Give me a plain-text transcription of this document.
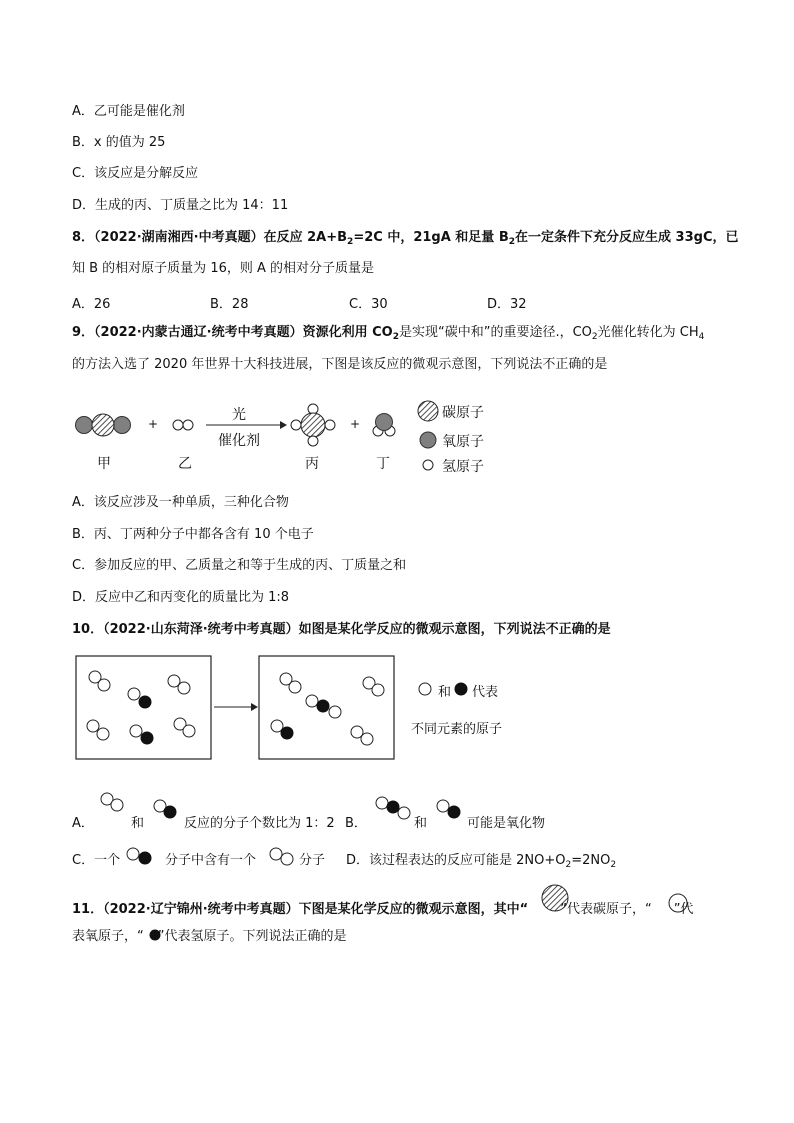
A．乙可能是催化剂
B．x 的值为 25
C．该反应是分解反应
D．生成的丙、丁质量之比为 14：11
8．（2022·湖南湘西·中考真题）在反应 $2A+B_2=2C$ 中，21gA 和足量 $B_2$在一定条件下充分反应生成 33gC，已
知 B 的相对原子质量为 16，则 A 的相对分子质量是
A．26	B．28	C．30	D．32
9．（2022·内蒙古通辽·统考中考真题）资源化利用 $CO_2$是实现“碳中和”的重要途径.，$CO_2$光催化转化为 $CH_4$
的方法入选了 2020 年世界十大科技进展，下图是该反应的微观示意图，下列说法不正确的是
+	+
光
催化剂
甲	乙	丙	丁
碳原子
氧原子
氢原子
A．该反应涉及一种单质，三种化合物
B．丙、丁两种分子中都各含有 10 个电子
C．参加反应的甲、乙质量之和等于生成的丙、丁质量之和
D．反应中乙和丙变化的质量比为 1:8
10．（2022·山东菏泽·统考中考真题）如图是某化学反应的微观示意图，下列说法不正确的是
和 代表
不同元素的原子
A．	和	反应的分子个数比为 1：2 B．	和	可能是氧化物
C．一个	分子中含有一个	分子 D．该过程表达的反应可能是 $2NO+O_2=2NO_2$
11．（2022·辽宁锦州·统考中考真题）下图是某化学反应的微观示意图，其中“ ”代表碳原子，“ ”代
表氧原子，“ ”代表氢原子。下列说法正确的是
